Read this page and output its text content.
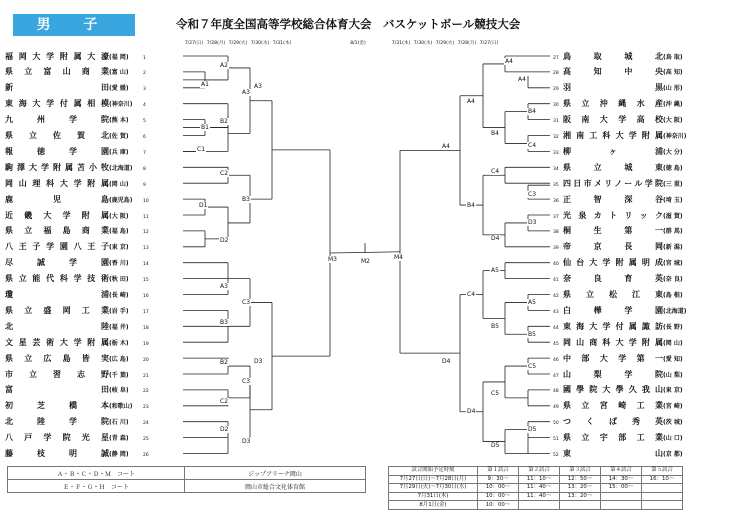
男 子	令和７年度全国高等学校総合体育大会　バスケットボール競技大会
7/27(日) 7/28(月) 7/29(火) 7/30(水) 7/31(木)	8/1(金)	7/31(木) 7/30(水) 7/29(火) 7/28(月) 7/27(日)
福岡大学附属大濠(福 岡)	1
県立富山商業(富 山)	2
新田(愛 媛)	3
東海大学付属相模(神奈川) 4
九州学院(熊 本)	5
県立佐賀北(佐 賀)	6
報徳学園(兵 庫)	7
駒澤大学附属苫小牧(北海道) 8
岡山理科大学附属(岡 山)	9
鹿児島(鹿児島) 10
近畿大学附属(大 阪)	11
県立福島商業(福 島)	12
八王子学園八王子(東 京)	13
尽誠学園(香 川)	14
県立能代科学技術(秋 田)	15
瓊浦(長 崎)	16
県立盛岡工業(岩 手)	17
北陸(福 井)	18
文星芸術大学附属(栃 木)	19
県立広島皆実(広 島)	20
市立習志野(千 葉)	21
富田(岐 阜)	22
初芝橋本(和歌山) 23
北陸学院(石 川)	24
八戸学院光星(青 森)	25
藤枝明誠(静 岡)	26
27 鳥取城北(鳥 取)
28 高知中央(高 知)
29 羽黒(山 形)
30 県立沖縄水産(沖 縄)
31 阪南大学高校(大 阪)
32 湘南工科大学附属(神奈川)
33 柳ヶ浦(大 分)
34 県立城東(徳 島)
35 四日市メリノール学院(三 重)
36 正智深谷(埼 玉)
37 光泉カトリック(滋 賀)
38 桐生第一(群 馬)
39 帝京長岡(新 潟)
40 仙台大学附属明成(宮 城)
41 奈良育英(奈 良)
42 県立松江東(島 根)
43 白樺学園(北海道)
44 東海大学付属諏訪(長 野)
45 岡山商科大学附属(岡 山)
46 中部大学第一(愛 知)
47 山梨学院(山 梨)
48 國學院大學久我山(東 京)
49 県立宮崎工業(宮 崎)
50 つくば秀英(茨 城)
51 県立宇部工業(山 口)
52 東山(京 都)
A1
A2
B1
B2
C1
A3
C2
D1
D2
B3
A3
A3
B3
C3
B2
C2
C3
D2
D3
D3
M3
A4
A4
B4
C4
B4
A4
C4
C3
D3
D4
B4
A4
A5
A5
B5
B5
C4
C5
C5
D5
D5
D4
D4
M4
M2
Ａ・Ｂ・Ｃ・Ｄ・Ｍ　コート	ジップアリーナ岡山
Ｅ・Ｆ・Ｇ・Ｈ　コート	岡山市総合文化体育館
試合開始予定時刻	第１試合	第２試合	第３試合	第４試合	第５試合
7月27日(日)～7月28日(月)	9：30～	11：10～	12：50～	14：30～	16：10～
7月29日(火)～7月30日(水)	10：00～	11：40～	13：20～	15：00～	
7月31日(木)	10：00～	11：40～	13：20～		
8月1日(金)	10：00～				
